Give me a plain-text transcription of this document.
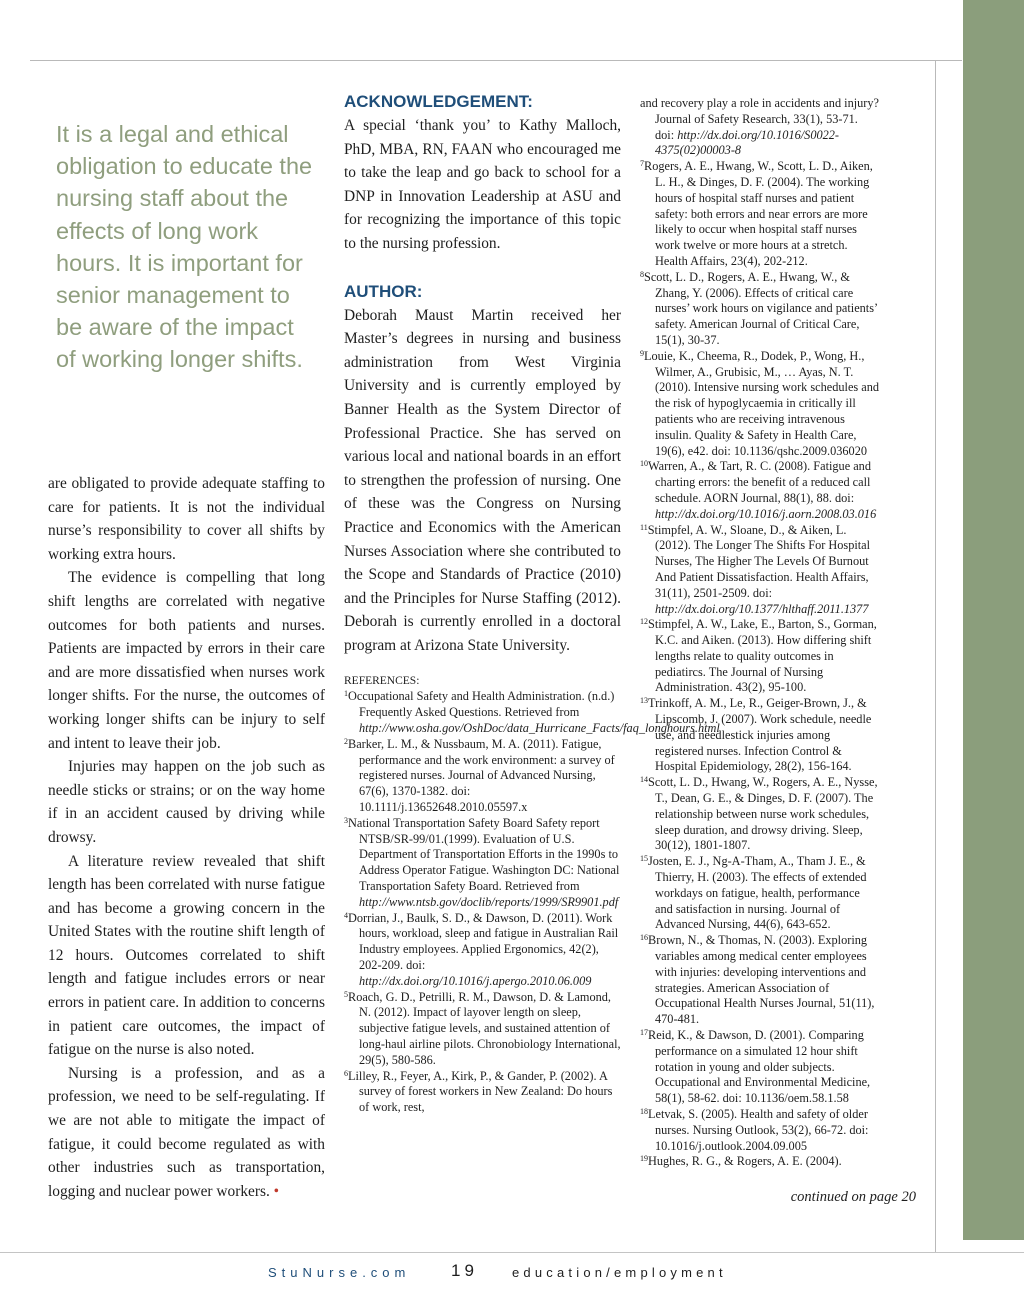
It is a legal and ethical obligation to educate the nursing staff about the effects of long work hours. It is important for senior management to be aware of the impact of working longer shifts.

are obligated to provide adequate staffing to care for patients. It is not the individual nurse’s responsibility to cover all shifts by working extra hours.

The evidence is compelling that long shift lengths are correlated with negative outcomes for both patients and nurses. Patients are impacted by errors in their care and are more dissatisfied when nurses work longer shifts. For the nurse, the outcomes of working longer shifts can be injury to self and intent to leave their job.

Injuries may happen on the job such as needle sticks or strains; or on the way home if in an accident caused by driving while drowsy.

A literature review revealed that shift length has been correlated with nurse fatigue and has become a growing concern in the United States with the routine shift length of 12 hours. Outcomes correlated to shift length and fatigue includes errors or near errors in patient care. In addition to concerns in patient care outcomes, the impact of fatigue on the nurse is also noted.

Nursing is a profession, and as a profession, we need to be self-regulating. If we are not able to mitigate the impact of fatigue, it could become regulated as with other industries such as transportation, logging and nuclear power workers. •

ACKNOWLEDGEMENT:

A special ‘thank you’ to Kathy Malloch, PhD, MBA, RN, FAAN who encouraged me to take the leap and go back to school for a DNP in Innovation Leadership at ASU and for recognizing the importance of this topic to the nursing profession.

AUTHOR:

Deborah Maust Martin received her Master’s degrees in nursing and business administration from West Virginia University and is currently employed by Banner Health as the System Director of Professional Practice. She has served on various local and national boards in an effort to strengthen the profession of nursing. One of these was the Congress on Nursing Practice and Economics with the American Nurses Association where she contributed to the Scope and Standards of Practice (2010) and the Principles for Nurse Staffing (2012). Deborah is currently enrolled in a doctoral program at Arizona State University.

REFERENCES:
$^1$Occupational Safety and Health Administration. (n.d.) Frequently Asked Questions. Retrieved from http://www.osha.gov/OshDoc/data_Hurricane_Facts/faq_longhours.html
$^2$Barker, L. M., & Nussbaum, M. A. (2011). Fatigue, performance and the work environment: a survey of registered nurses. Journal of Advanced Nursing, 67(6), 1370-1382. doi: 10.1111/j.13652648.2010.05597.x
$^3$National Transportation Safety Board Safety report NTSB/SR-99/01.(1999). Evaluation of U.S. Department of Transportation Efforts in the 1990s to Address Operator Fatigue. Washington DC: National Transportation Safety Board. Retrieved from http://www.ntsb.gov/doclib/reports/1999/SR9901.pdf
$^4$Dorrian, J., Baulk, S. D., & Dawson, D. (2011). Work hours, workload, sleep and fatigue in Australian Rail Industry employees. Applied Ergonomics, 42(2), 202-209. doi: http://dx.doi.org/10.1016/j.apergo.2010.06.009
$^5$Roach, G. D., Petrilli, R. M., Dawson, D. & Lamond, N. (2012). Impact of layover length on sleep, subjective fatigue levels, and sustained attention of long-haul airline pilots. Chronobiology International, 29(5), 580-586.
$^6$Lilley, R., Feyer, A., Kirk, P., & Gander, P. (2002). A survey of forest workers in New Zealand: Do hours of work, rest,
and recovery play a role in accidents and injury? Journal of Safety Research, 33(1), 53-71. doi: http://dx.doi.org/10.1016/S0022-4375(02)00003-8
$^7$Rogers, A. E., Hwang, W., Scott, L. D., Aiken, L. H., & Dinges, D. F. (2004). The working hours of hospital staff nurses and patient safety: both errors and near errors are more likely to occur when hospital staff nurses work twelve or more hours at a stretch. Health Affairs, 23(4), 202-212.
$^8$Scott, L. D., Rogers, A. E., Hwang, W., & Zhang, Y. (2006). Effects of critical care nurses’ work hours on vigilance and patients’ safety. American Journal of Critical Care, 15(1), 30-37.
$^9$Louie, K., Cheema, R., Dodek, P., Wong, H., Wilmer, A., Grubisic, M., … Ayas, N. T. (2010). Intensive nursing work schedules and the risk of hypoglycaemia in critically ill patients who are receiving intravenous insulin. Quality & Safety in Health Care, 19(6), e42. doi: 10.1136/qshc.2009.036020
$^{10}$Warren, A., & Tart, R. C. (2008). Fatigue and charting errors: the benefit of a reduced call schedule. AORN Journal, 88(1), 88. doi: http://dx.doi.org/10.1016/j.aorn.2008.03.016
$^{11}$Stimpfel, A. W., Sloane, D., & Aiken, L. (2012). The Longer The Shifts For Hospital Nurses, The Higher The Levels Of Burnout And Patient Dissatisfaction. Health Affairs, 31(11), 2501-2509. doi: http://dx.doi.org/10.1377/hlthaff.2011.1377
$^{12}$Stimpfel, A. W., Lake, E., Barton, S., Gorman, K.C. and Aiken. (2013). How differing shift lengths relate to quality outcomes in pediatircs. The Journal of Nursing Administration. 43(2), 95-100.
$^{13}$Trinkoff, A. M., Le, R., Geiger-Brown, J., & Lipscomb, J. (2007). Work schedule, needle use, and needlestick injuries among registered nurses. Infection Control & Hospital Epidemiology, 28(2), 156-164.
$^{14}$Scott, L. D., Hwang, W., Rogers, A. E., Nysse, T., Dean, G. E., & Dinges, D. F. (2007). The relationship between nurse work schedules, sleep duration, and drowsy driving. Sleep, 30(12), 1801-1807.
$^{15}$Josten, E. J., Ng-A-Tham, A., Tham J. E., & Thierry, H. (2003). The effects of extended workdays on fatigue, health, performance and satisfaction in nursing. Journal of Advanced Nursing, 44(6), 643-652.
$^{16}$Brown, N., & Thomas, N. (2003). Exploring variables among medical center employees with injuries: developing interventions and strategies. American Association of Occupational Health Nurses Journal, 51(11), 470-481.
$^{17}$Reid, K., & Dawson, D. (2001). Comparing performance on a simulated 12 hour shift rotation in young and older subjects. Occupational and Environmental Medicine, 58(1), 58-62. doi: 10.1136/oem.58.1.58
$^{18}$Letvak, S. (2005). Health and safety of older nurses. Nursing Outlook, 53(2), 66-72. doi: 10.1016/j.outlook.2004.09.005
$^{19}$Hughes, R. G., & Rogers, A. E. (2004).
continued on page 20
StuNurse.com 19	education/employment
